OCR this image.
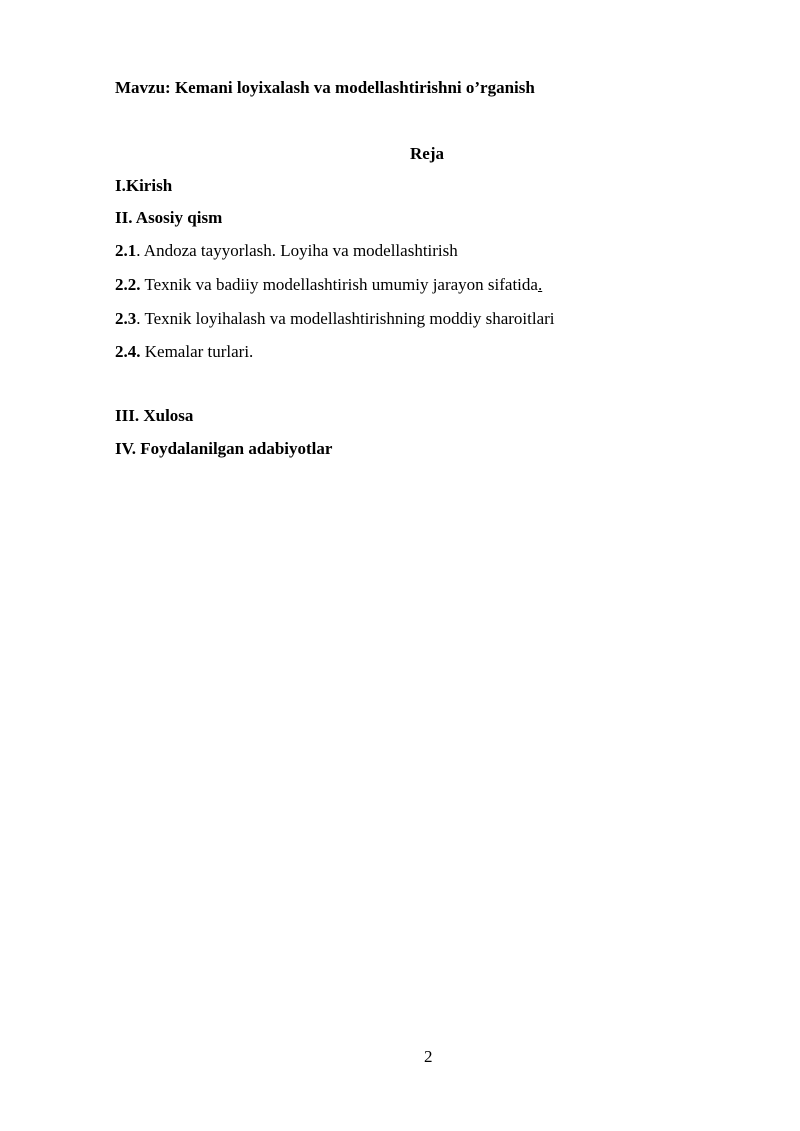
Mavzu: Kemani loyixalash va modellashtirishni o’rganish
Reja
I.Kirish
II. Asosiy qism
2.1. Andoza tayyorlash. Loyiha va modellashtirish
2.2. Texnik va badiiy modellashtirish umumiy jarayon sifatida.
2.3. Texnik loyihalash va modellashtirishning moddiy sharoitlari
2.4. Kemalar turlari.
III. Xulosa
IV. Foydalanilgan adabiyotlar
2
